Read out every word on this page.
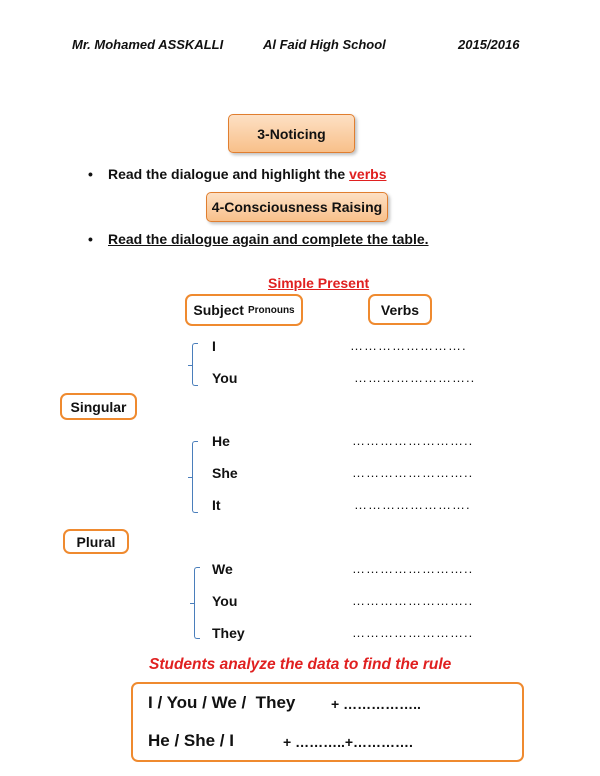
Mr. Mohamed ASSKALLI	Al Faid High School	2015/2016
3-Noticing
• Read the dialogue and highlight the verbs
4-Consciousness Raising
• Read the dialogue again and complete the table.
Simple Present
Subject Pronouns	Verbs
Singular
Plural
I	…………………….
You	……………………..
He	……………………..
She	……………………..
It	…………………….
We	……………………..
You	……………………..
They	……………………..
Students analyze the data to find the rule
I / You / We /  They	+ ……………..
He / She / I	+ ………..+………….
